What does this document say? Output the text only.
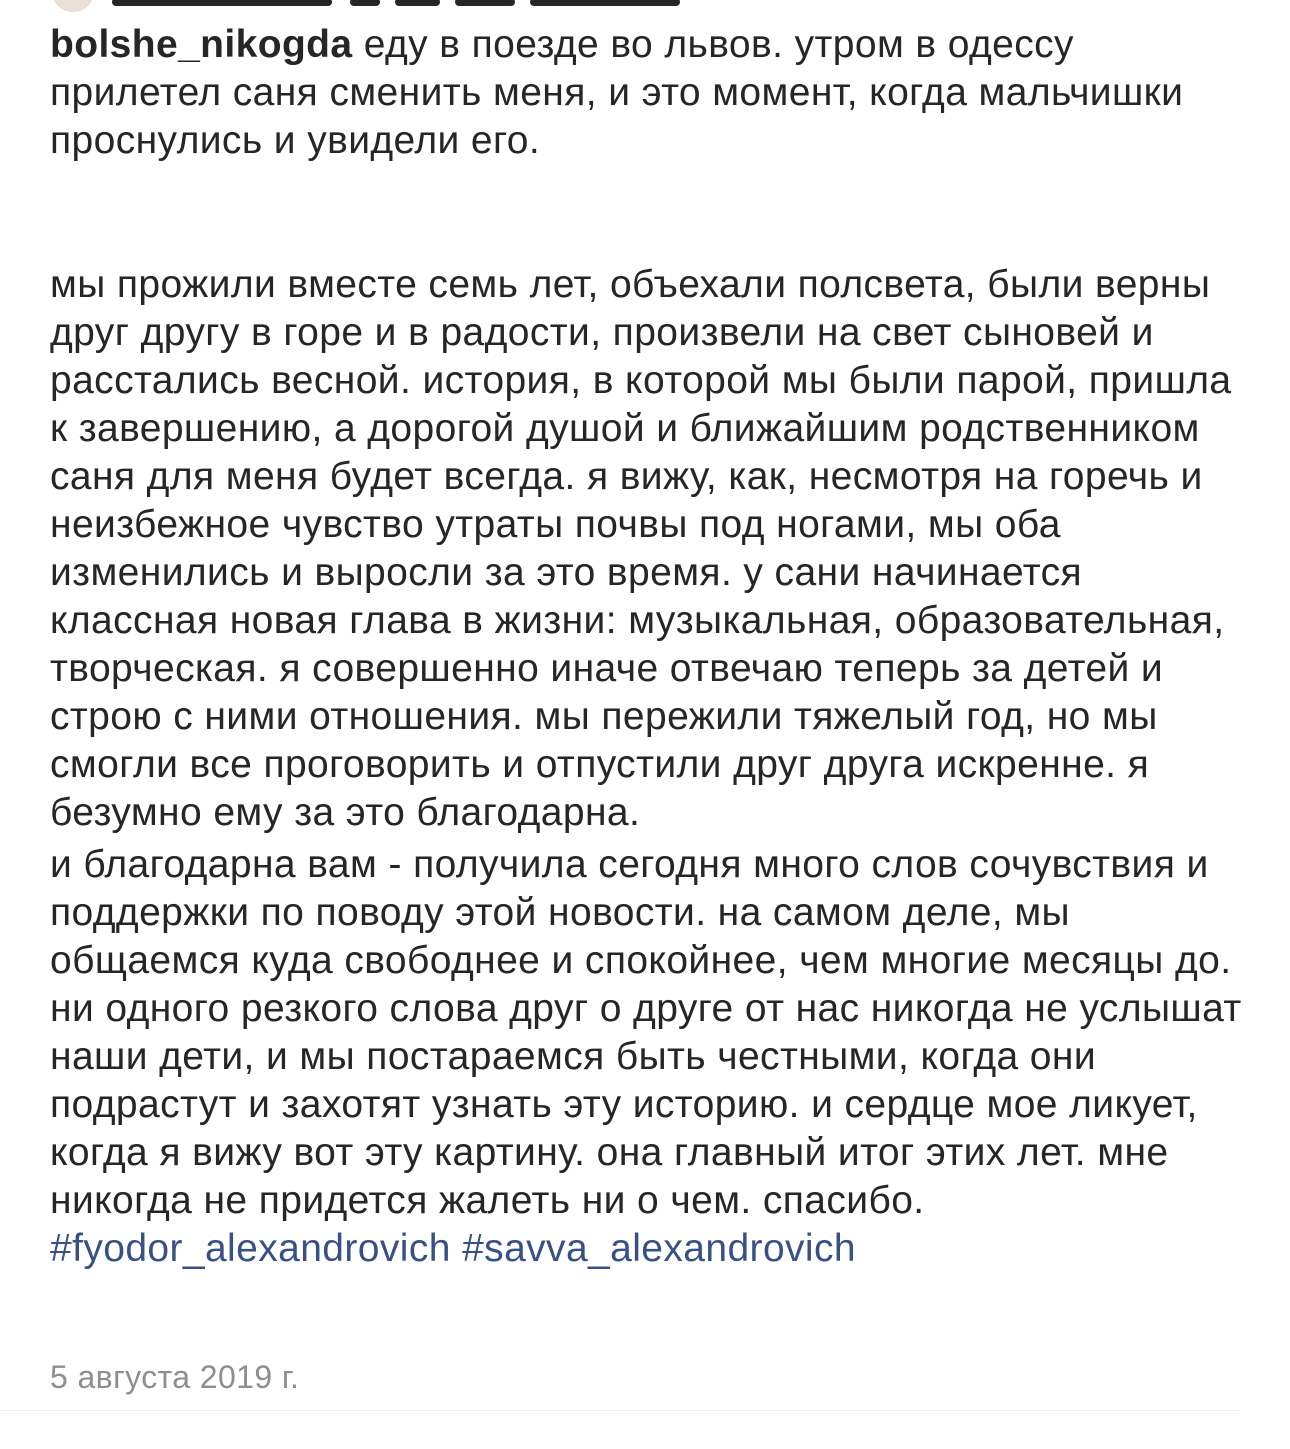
bolshe_nikogda еду в поезде во львов. утром в одессу прилетел саня сменить меня, и это момент, когда мальчишки проснулись и увидели его.

мы прожили вместе семь лет, объехали полсвета, были верны друг другу в горе и в радости, произвели на свет сыновей и расстались весной. история, в которой мы были парой, пришла к завершению, а дорогой душой и ближайшим родственником саня для меня будет всегда. я вижу, как, несмотря на горечь и неизбежное чувство утраты почвы под ногами, мы оба изменились и выросли за это время. у сани начинается классная новая глава в жизни: музыкальная, образовательная, творческая. я совершенно иначе отвечаю теперь за детей и строю с ними отношения. мы пережили тяжелый год, но мы смогли все проговорить и отпустили друг друга искренне. я безумно ему за это благодарна.

и благодарна вам - получила сегодня много слов сочувствия и поддержки по поводу этой новости. на самом деле, мы общаемся куда свободнее и спокойнее, чем многие месяцы до. ни одного резкого слова друг о друге от нас никогда не услышат наши дети, и мы постараемся быть честными, когда они подрастут и захотят узнать эту историю. и сердце мое ликует, когда я вижу вот эту картину. она главный итог этих лет. мне никогда не придется жалеть ни о чем. спасибо.

#fyodor_alexandrovich #savva_alexandrovich

5 августа 2019 г.
